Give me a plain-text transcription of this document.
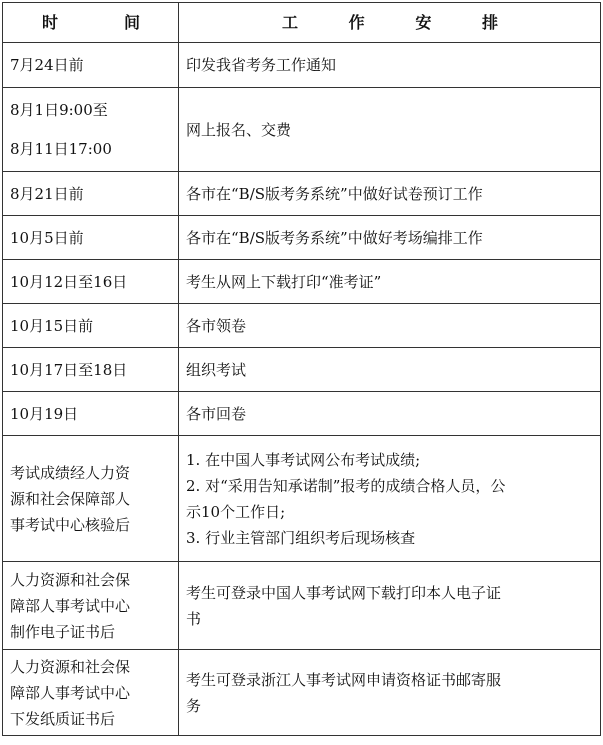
时 间	工 作 安 排

7月24日前	印发我省考务工作通知

8月1日9:00至
8月11日17:00	网上报名、交费
8月21日前	各市在“B/S版考务系统”中做好试卷预订工作
10月5日前	各市在“B/S版考务系统”中做好考场编排工作
10月12日至16日	考生从网上下载打印“准考证”
10月15日前	各市领卷
10月17日至18日	组织考试
10月19日	各市回卷

考试成绩经人力资
源和社会保障部人
事考试中心核验后	1. 在中国人事考试网公布考试成绩;
2. 对“采用告知承诺制”报考的成绩合格人员，公
示10个工作日;
3. 行业主管部门组织考后现场核查

人力资源和社会保
障部人事考试中心
制作电子证书后	考生可登录中国人事考试网下载打印本人电子证
书

人力资源和社会保
障部人事考试中心
下发纸质证书后	考生可登录浙江人事考试网申请资格证书邮寄服
务
